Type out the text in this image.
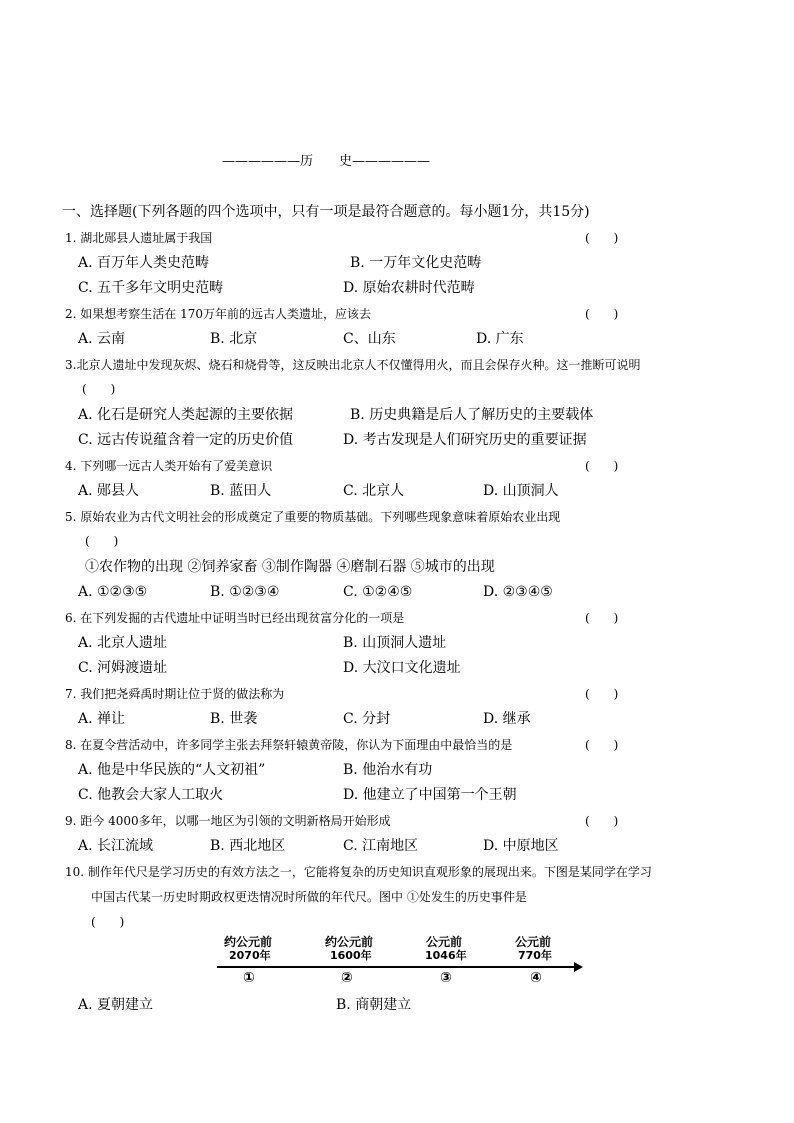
——————历　　史——————
一、选择题(下列各题的四个选项中，只有一项是最符合题意的。每小题1分，共15分)
1. 湖北郧县人遗址属于我国	(　　)
A. 百万年人类史范畴	B. 一万年文化史范畴
C. 五千多年文明史范畴	D. 原始农耕时代范畴
2. 如果想考察生活在 170万年前的远古人类遗址，应该去	(　　)
A. 云南	B. 北京	C、山东	D. 广东
3.北京人遗址中发现灰烬、烧石和烧骨等，这反映出北京人不仅懂得用火，而且会保存火种。这一推断可说明
(　　)
A. 化石是研究人类起源的主要依据	B. 历史典籍是后人了解历史的主要载体
C. 远古传说蕴含着一定的历史价值	D. 考古发现是人们研究历史的重要证据
4. 下列哪一远古人类开始有了爱美意识	(　　)
A. 郧县人	B. 蓝田人	C. 北京人	D. 山顶洞人
5. 原始农业为古代文明社会的形成奠定了重要的物质基础。下列哪些现象意味着原始农业出现
(　　)
①农作物的出现 ②饲养家畜 ③制作陶器 ④磨制石器 ⑤城市的出现
A. ①②③⑤	B. ①②③④	C. ①②④⑤	D. ②③④⑤
6. 在下列发掘的古代遗址中证明当时已经出现贫富分化的一项是	(　　)
A. 北京人遗址	B. 山顶洞人遗址
C. 河姆渡遗址	D. 大汶口文化遗址
7. 我们把尧舜禹时期让位于贤的做法称为	(　　)
A. 禅让	B. 世袭	C. 分封	D. 继承
8. 在夏令营活动中，许多同学主张去拜祭轩辕黄帝陵，你认为下面理由中最恰当的是	(　　)
A. 他是中华民族的“人文初祖”	B. 他治水有功
C. 他教会大家人工取火	D. 他建立了中国第一个王朝
9. 距今 4000多年，以哪一地区为引领的文明新格局开始形成	(　　)
A. 长江流域	B. 西北地区	C. 江南地区	D. 中原地区
10. 制作年代尺是学习历史的有效方法之一，它能将复杂的历史知识直观形象的展现出来。下图是某同学在学习
中国古代某一历史时期政权更迭情况时所做的年代尺。图中 ①处发生的历史事件是
(　　)
约公元前
2070年
约公元前
1600年
公元前
1046年
公元前
770年
①	②	③	④
A. 夏朝建立	B. 商朝建立
